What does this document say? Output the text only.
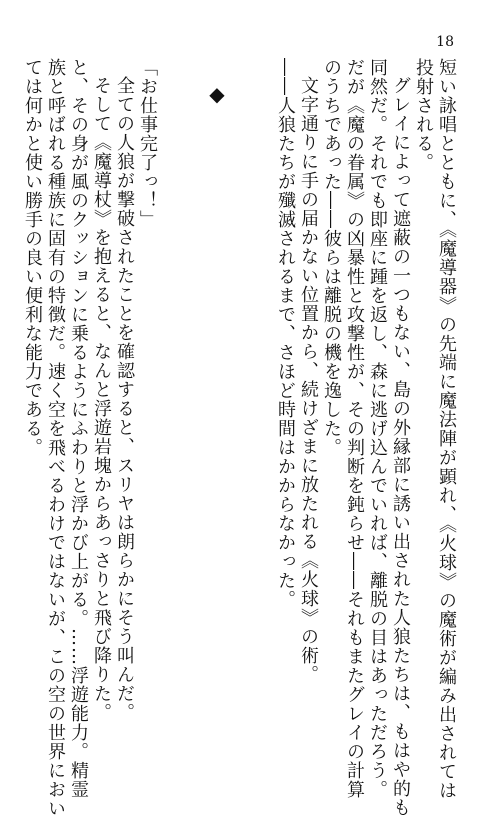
18
短い詠唱とともに、《魔導器》の先端に魔法陣が顕れ、《火球》の魔術が編み出されては
投射される。
グレイによって遮蔽の一つもない、島の外縁部に誘い出された人狼たちは、もはや的も
同然だ。それでも即座に踵を返し、森に逃げ込んでいれば、離脱の目はあっただろう。
だが《魔の眷属》の凶暴性と攻撃性が、その判断を鈍らせ――それもまたグレイの計算
のうちであった――彼らは離脱の機を逸した。
文字通りに手の届かない位置から、続けざまに放たれる《火球》の術。
――人狼たちが殲滅されるまで、さほど時間はかからなかった。
◆
「お仕事完了っ！」
全ての人狼が撃破されたことを確認すると、スリヤは朗らかにそう叫んだ。
そして《魔導杖》を抱えると、なんと浮遊岩塊からあっさりと飛び降りた。
と、その身が風のクッションに乗るようにふわりと浮かび上がる。……浮遊能力。精霊
族と呼ばれる種族に固有の特徴だ。速く空を飛べるわけではないが、この空の世界におい
ては何かと使い勝手の良い便利な能力である。
